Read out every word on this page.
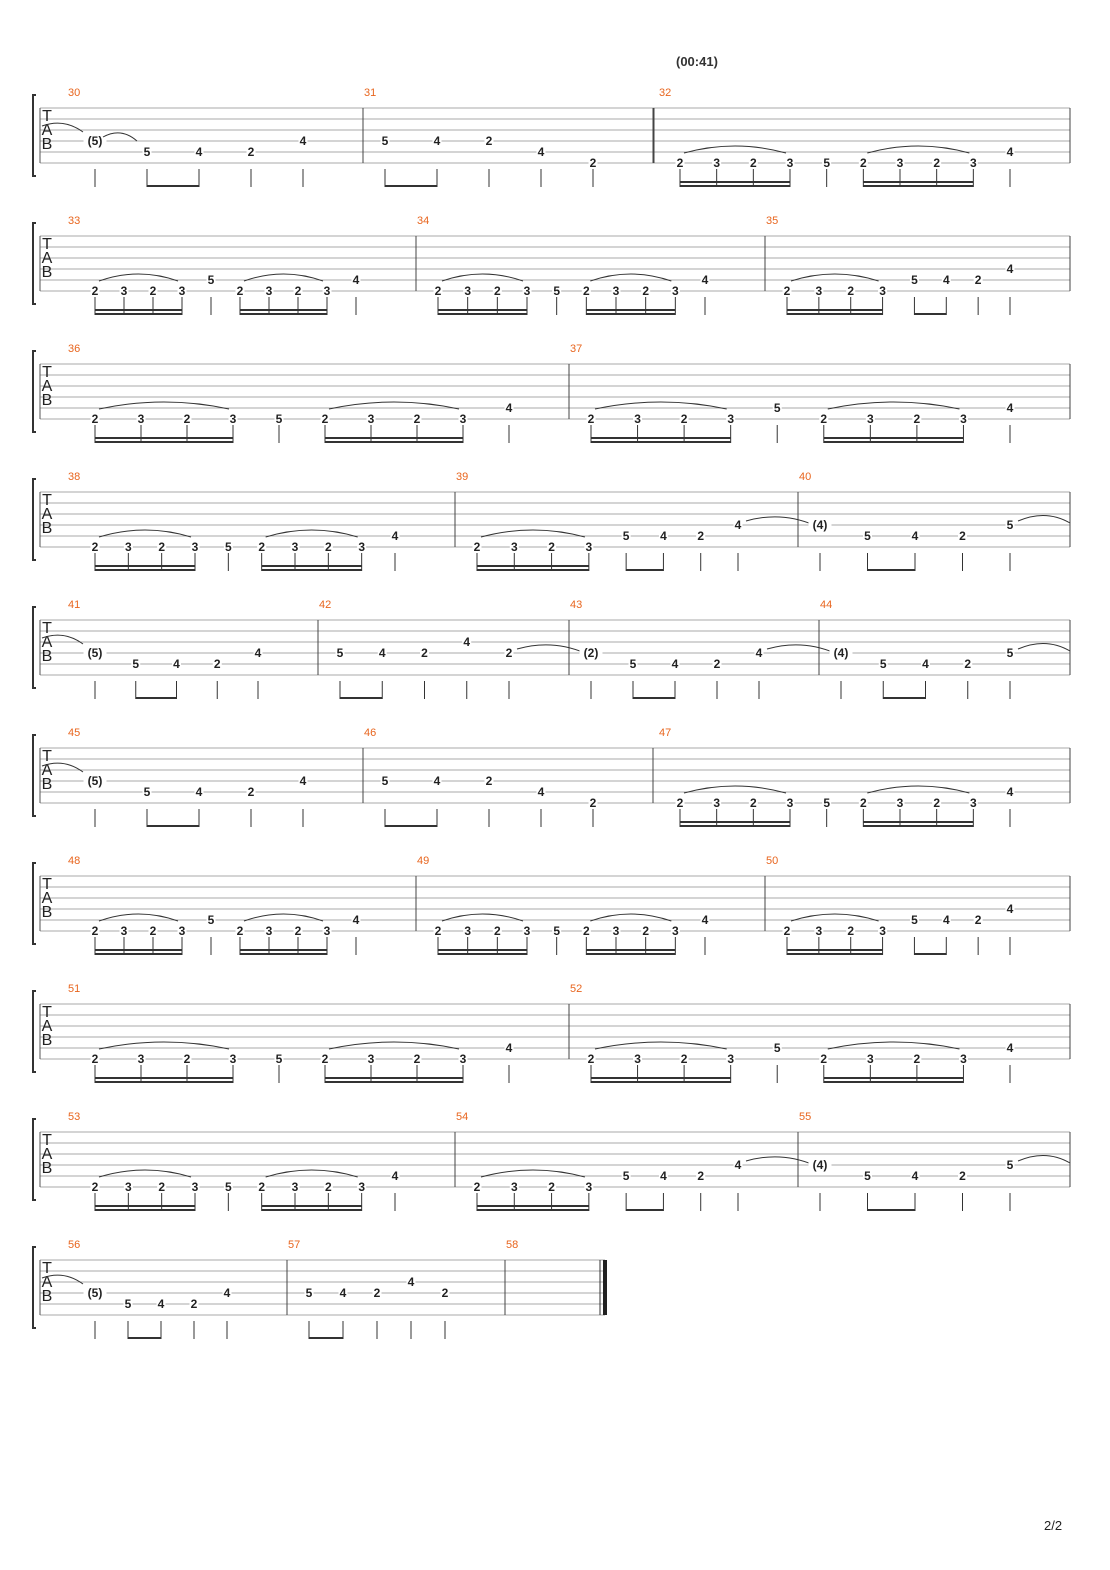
(00:41)
T
A
B
30
(5)
5	4	2
4
31
5	4	2
4
2
32
2 3 2 3 5 2 3 2 3
4
T
A
B
33
2 3 2 3
5
2 3 2 3
4
34
2 3 2 3 5 2 3 2 3
4
35
2 3 2 3
5 4 2
4
T
A
B
36
2	3	2	3	5	2	3	2	3
4
37
2	3	2	3
5
2	3	2	3
4
T
A
B
38
2 3 2 3 5 2 3 2 3
4
39
2	3	2	3
5	4	2
4
40
(4)
5	4	2
5
T
A
B
41
(5)
5	4	2
4
42
5	4	2
4
2
43
(2)
5	4	2
4
44
(4)
5	4	2
5
T
A
B
45
(5)
5	4	2
4
46
5	4	2
4
2
47
2 3 2 3 5 2 3 2 3
4
T
A
B
48
2 3 2 3
5
2 3 2 3
4
49
2 3 2 3 5 2 3 2 3
4
50
2 3 2 3
5 4 2
4
T
A
B
51
2	3	2	3	5	2	3	2	3
4
52
2	3	2	3
5
2	3	2	3
4
T
A
B
53
2 3 2 3 5 2 3 2 3
4
54
2	3	2	3
5	4	2
4
55
(4)
5	4	2
5
T
A
B
56
(5)
5 4 2
4
57
5 4 2
4
2
58
2/2
